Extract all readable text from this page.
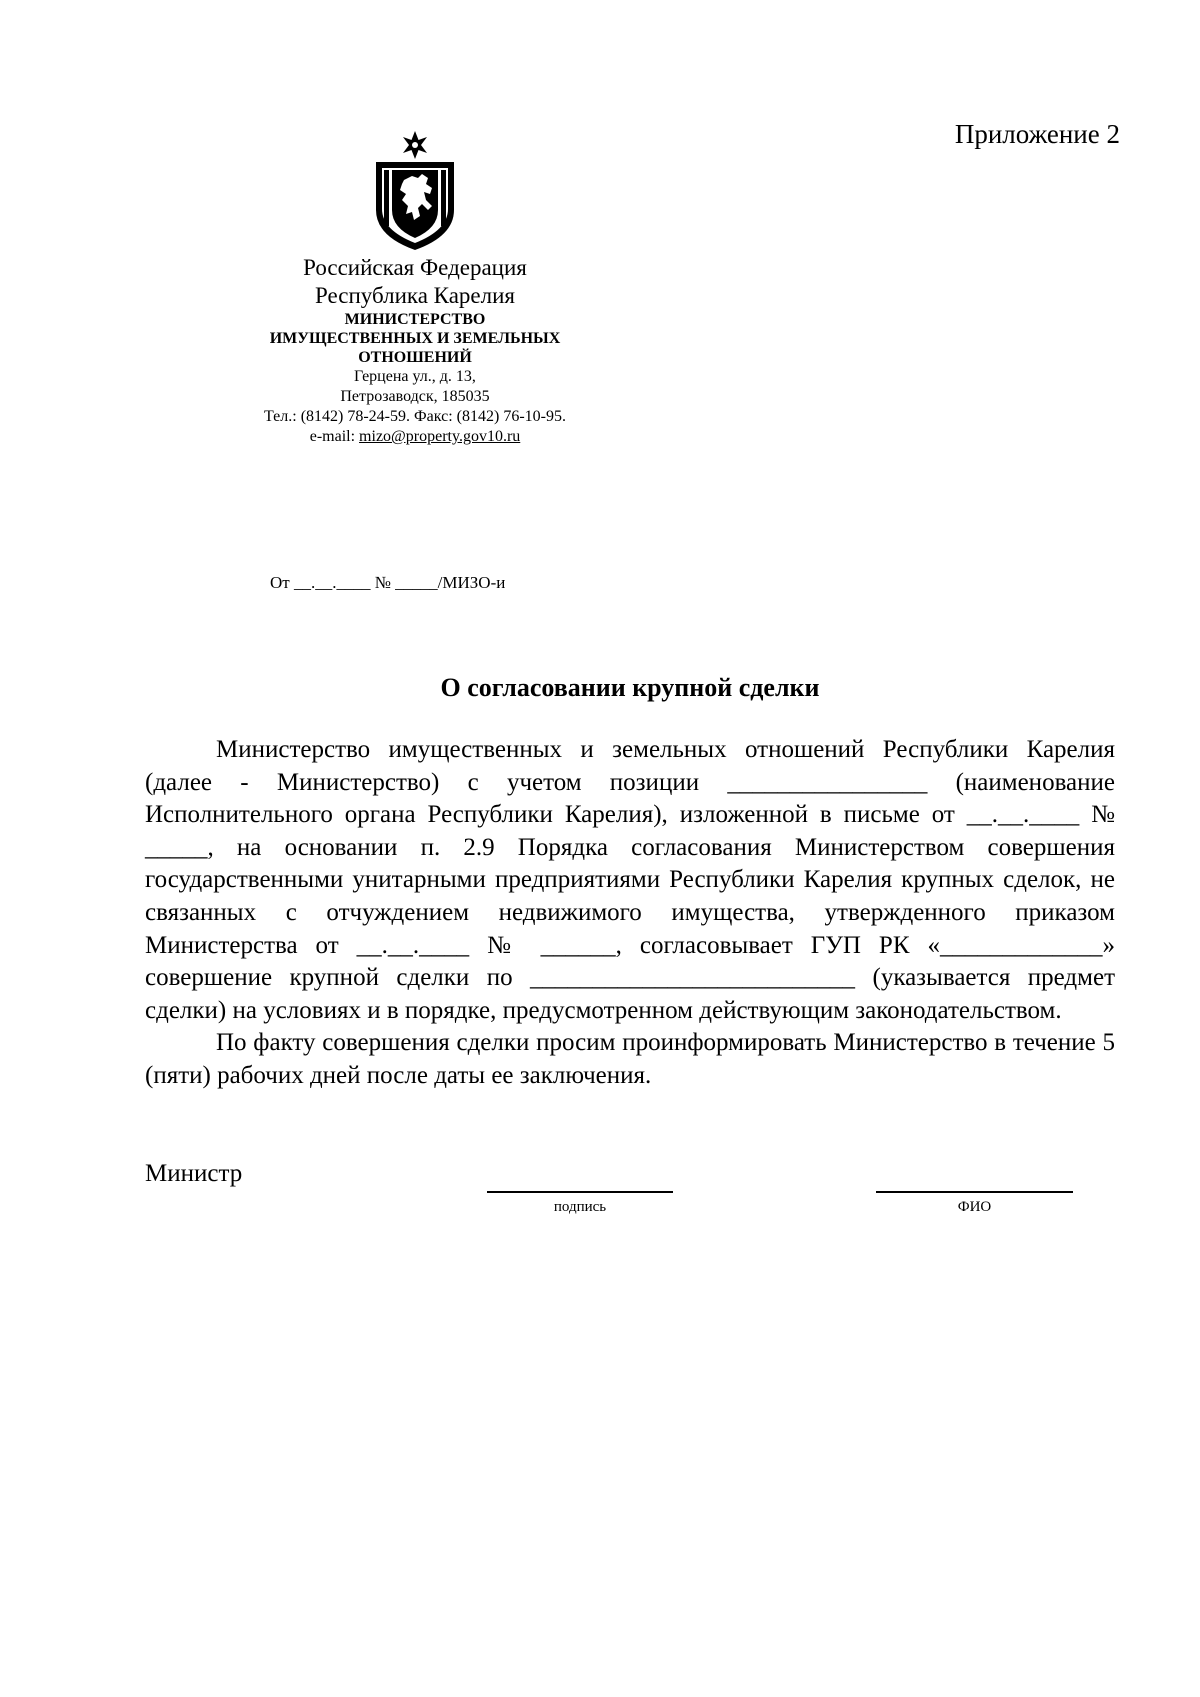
Приложение 2
Российская Федерация
Республика Карелия
МИНИСТЕРСТВО
ИМУЩЕСТВЕННЫХ И ЗЕМЕЛЬНЫХ
ОТНОШЕНИЙ
Герцена ул., д. 13,
Петрозаводск, 185035
Тел.: (8142) 78-24-59. Факс: (8142) 76-10-95.
e-mail: mizo@property.gov10.ru
От __.__.____ № _____/МИЗО-и
О согласовании крупной сделки

Министерство имущественных и земельных отношений Республики Карелия (далее - Министерство) с учетом позиции ________________ (наименование Исполнительного органа Республики Карелия), изложенной в письме от __.__.____ № _____, на основании п. 2.9 Порядка согласования Министерством совершения государственными унитарными предприятиями Республики Карелия крупных сделок, не связанных с отчуждением недвижимого имущества, утвержденного приказом Министерства от __.__.____ № ______, согласовывает ГУП РК «_____________» совершение крупной сделки по __________________________ (указывается предмет сделки) на условиях и в порядке, предусмотренном действующим законодательством.

По факту совершения сделки просим проинформировать Министерство в течение 5 (пяти) рабочих дней после даты ее заключения.

Министр
подпись	ФИО
